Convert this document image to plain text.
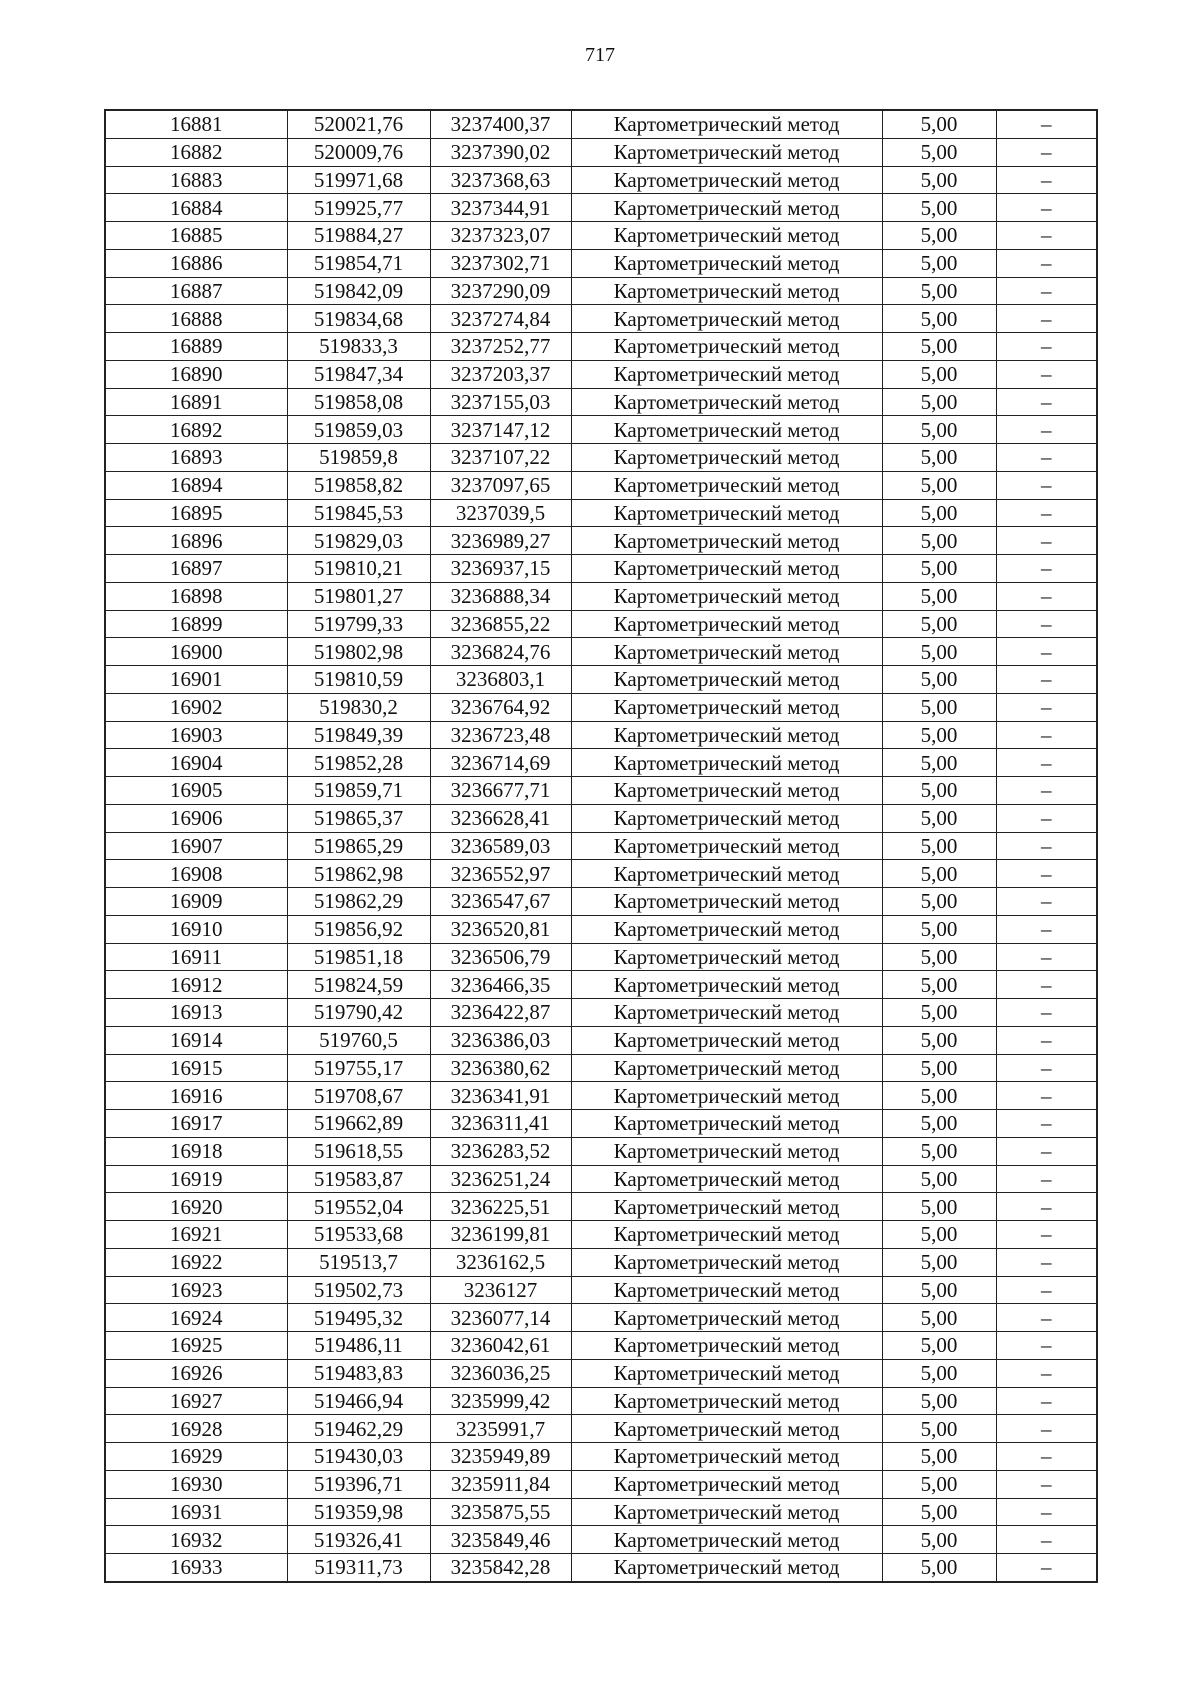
717
16881	520021,76	3237400,37	Картометрический метод	5,00	–
16882	520009,76	3237390,02	Картометрический метод	5,00	–
16883	519971,68	3237368,63	Картометрический метод	5,00	–
16884	519925,77	3237344,91	Картометрический метод	5,00	–
16885	519884,27	3237323,07	Картометрический метод	5,00	–
16886	519854,71	3237302,71	Картометрический метод	5,00	–
16887	519842,09	3237290,09	Картометрический метод	5,00	–
16888	519834,68	3237274,84	Картометрический метод	5,00	–
16889	519833,3	3237252,77	Картометрический метод	5,00	–
16890	519847,34	3237203,37	Картометрический метод	5,00	–
16891	519858,08	3237155,03	Картометрический метод	5,00	–
16892	519859,03	3237147,12	Картометрический метод	5,00	–
16893	519859,8	3237107,22	Картометрический метод	5,00	–
16894	519858,82	3237097,65	Картометрический метод	5,00	–
16895	519845,53	3237039,5	Картометрический метод	5,00	–
16896	519829,03	3236989,27	Картометрический метод	5,00	–
16897	519810,21	3236937,15	Картометрический метод	5,00	–
16898	519801,27	3236888,34	Картометрический метод	5,00	–
16899	519799,33	3236855,22	Картометрический метод	5,00	–
16900	519802,98	3236824,76	Картометрический метод	5,00	–
16901	519810,59	3236803,1	Картометрический метод	5,00	–
16902	519830,2	3236764,92	Картометрический метод	5,00	–
16903	519849,39	3236723,48	Картометрический метод	5,00	–
16904	519852,28	3236714,69	Картометрический метод	5,00	–
16905	519859,71	3236677,71	Картометрический метод	5,00	–
16906	519865,37	3236628,41	Картометрический метод	5,00	–
16907	519865,29	3236589,03	Картометрический метод	5,00	–
16908	519862,98	3236552,97	Картометрический метод	5,00	–
16909	519862,29	3236547,67	Картометрический метод	5,00	–
16910	519856,92	3236520,81	Картометрический метод	5,00	–
16911	519851,18	3236506,79	Картометрический метод	5,00	–
16912	519824,59	3236466,35	Картометрический метод	5,00	–
16913	519790,42	3236422,87	Картометрический метод	5,00	–
16914	519760,5	3236386,03	Картометрический метод	5,00	–
16915	519755,17	3236380,62	Картометрический метод	5,00	–
16916	519708,67	3236341,91	Картометрический метод	5,00	–
16917	519662,89	3236311,41	Картометрический метод	5,00	–
16918	519618,55	3236283,52	Картометрический метод	5,00	–
16919	519583,87	3236251,24	Картометрический метод	5,00	–
16920	519552,04	3236225,51	Картометрический метод	5,00	–
16921	519533,68	3236199,81	Картометрический метод	5,00	–
16922	519513,7	3236162,5	Картометрический метод	5,00	–
16923	519502,73	3236127	Картометрический метод	5,00	–
16924	519495,32	3236077,14	Картометрический метод	5,00	–
16925	519486,11	3236042,61	Картометрический метод	5,00	–
16926	519483,83	3236036,25	Картометрический метод	5,00	–
16927	519466,94	3235999,42	Картометрический метод	5,00	–
16928	519462,29	3235991,7	Картометрический метод	5,00	–
16929	519430,03	3235949,89	Картометрический метод	5,00	–
16930	519396,71	3235911,84	Картометрический метод	5,00	–
16931	519359,98	3235875,55	Картометрический метод	5,00	–
16932	519326,41	3235849,46	Картометрический метод	5,00	–
16933	519311,73	3235842,28	Картометрический метод	5,00	–
